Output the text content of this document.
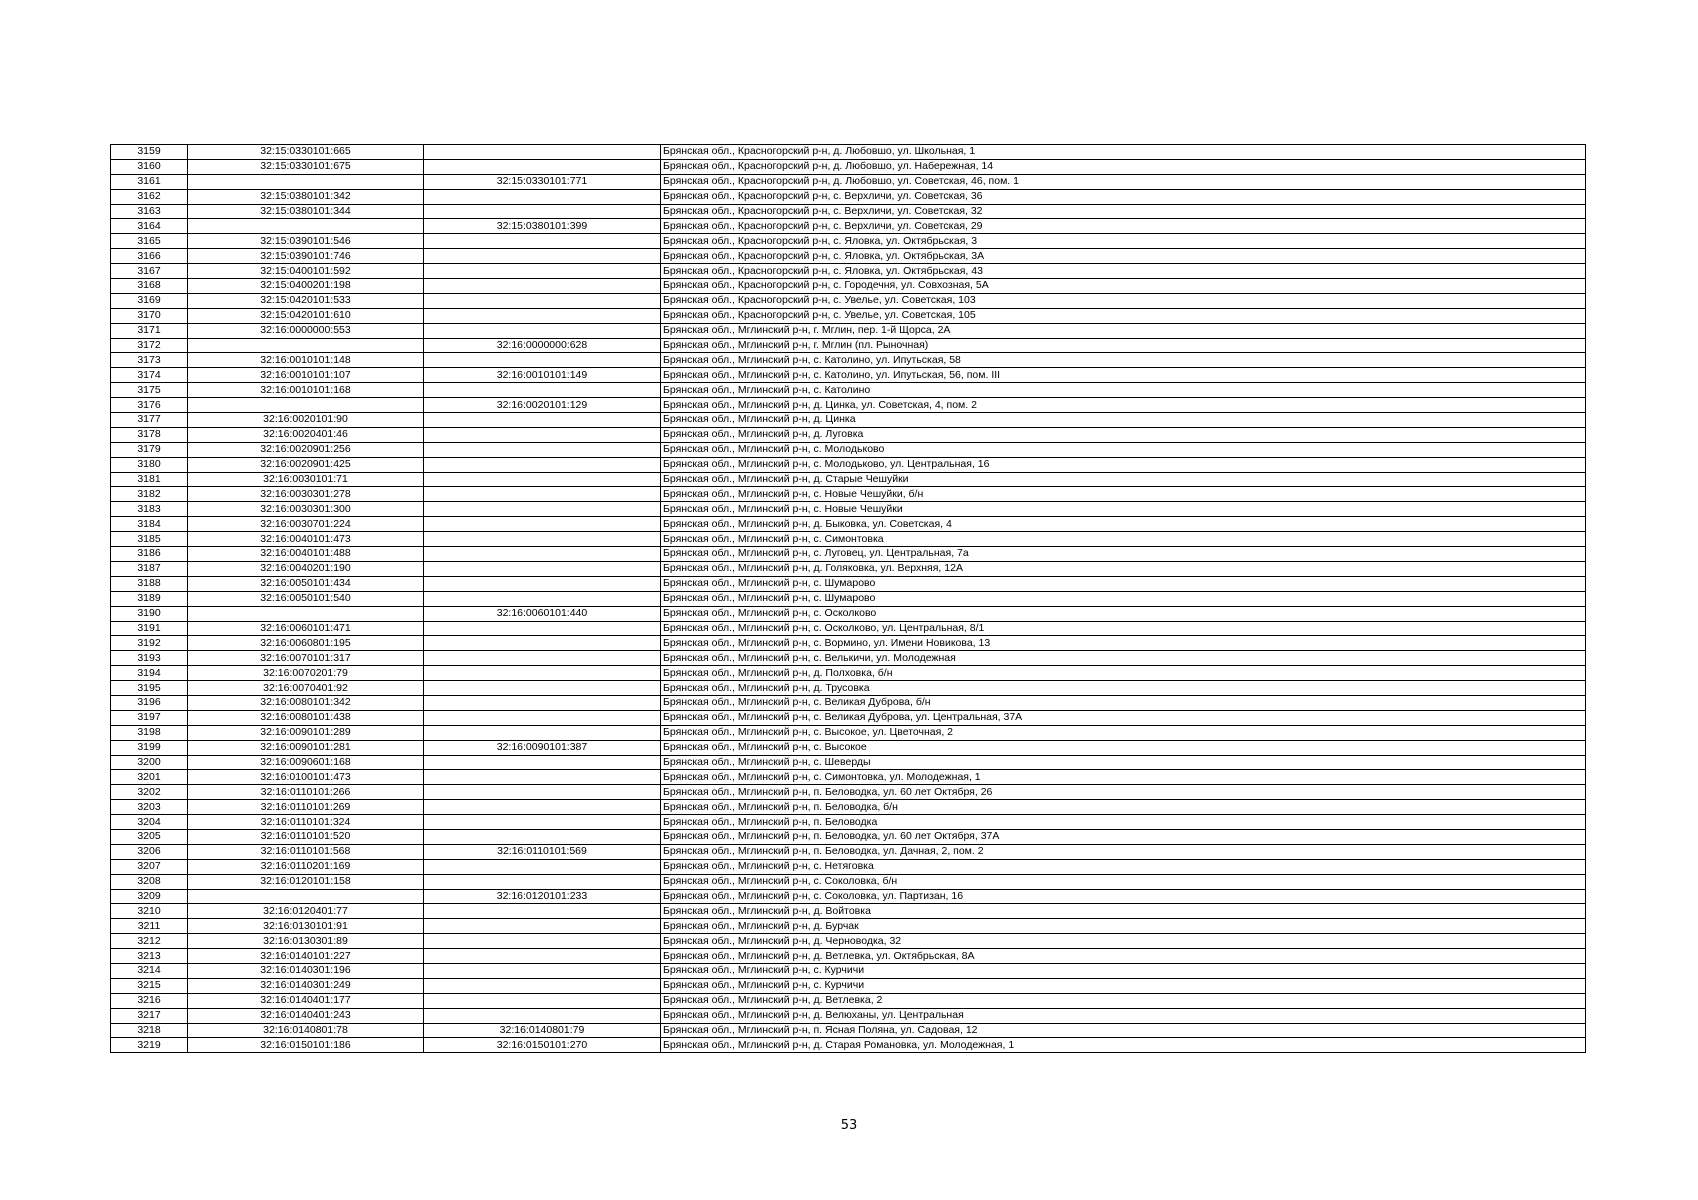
3159	32:15:0330101:665		Брянская обл., Красногорский р-н, д. Любовшо, ул. Школьная, 1
3160	32:15:0330101:675		Брянская обл., Красногорский р-н, д. Любовшо, ул. Набережная, 14
3161		32:15:0330101:771	Брянская обл., Красногорский р-н, д. Любовшо, ул. Советская, 46, пом. 1
3162	32:15:0380101:342		Брянская обл., Красногорский р-н, с. Верхличи, ул. Советская, 36
3163	32:15:0380101:344		Брянская обл., Красногорский р-н, с. Верхличи, ул. Советская, 32
3164		32:15:0380101:399	Брянская обл., Красногорский р-н, с. Верхличи, ул. Советская, 29
3165	32:15:0390101:546		Брянская обл., Красногорский р-н, с. Яловка, ул. Октябрьская, 3
3166	32:15:0390101:746		Брянская обл., Красногорский р-н, с. Яловка, ул. Октябрьская, 3А
3167	32:15:0400101:592		Брянская обл., Красногорский р-н, с. Яловка, ул. Октябрьская, 43
3168	32:15:0400201:198		Брянская обл., Красногорский р-н, с. Городечня, ул. Совхозная, 5А
3169	32:15:0420101:533		Брянская обл., Красногорский р-н, с. Увелье, ул. Советская, 103
3170	32:15:0420101:610		Брянская обл., Красногорский р-н, с. Увелье, ул. Советская, 105
3171	32:16:0000000:553		Брянская обл., Мглинский р-н, г. Мглин, пер. 1-й Щорса, 2А
3172		32:16:0000000:628	Брянская обл., Мглинский р-н, г. Мглин (пл. Рыночная)
3173	32:16:0010101:148		Брянская обл., Мглинский р-н, с. Католино, ул. Ипутьская, 58
3174	32:16:0010101:107	32:16:0010101:149	Брянская обл., Мглинский р-н, с. Католино, ул. Ипутьская, 56, пом. III
3175	32:16:0010101:168		Брянская обл., Мглинский р-н, с. Католино
3176		32:16:0020101:129	Брянская обл., Мглинский р-н, д. Цинка, ул. Советская, 4, пом. 2
3177	32:16:0020101:90		Брянская обл., Мглинский р-н, д. Цинка
3178	32:16:0020401:46		Брянская обл., Мглинский р-н, д. Луговка
3179	32:16:0020901:256		Брянская обл., Мглинский р-н, с. Молодьково
3180	32:16:0020901:425		Брянская обл., Мглинский р-н, с. Молодьково, ул. Центральная, 16
3181	32:16:0030101:71		Брянская обл., Мглинский р-н, д. Старые Чешуйки
3182	32:16:0030301:278		Брянская обл., Мглинский р-н, с. Новые Чешуйки, б/н
3183	32:16:0030301:300		Брянская обл., Мглинский р-н, с. Новые Чешуйки
3184	32:16:0030701:224		Брянская обл., Мглинский р-н, д. Быковка, ул. Советская, 4
3185	32:16:0040101:473		Брянская обл., Мглинский р-н, с. Симонтовка
3186	32:16:0040101:488		Брянская обл., Мглинский р-н, с. Луговец, ул. Центральная, 7а
3187	32:16:0040201:190		Брянская обл., Мглинский р-н, д. Голяковка, ул. Верхняя, 12А
3188	32:16:0050101:434		Брянская обл., Мглинский р-н, с. Шумарово
3189	32:16:0050101:540		Брянская обл., Мглинский р-н, с. Шумарово
3190		32:16:0060101:440	Брянская обл., Мглинский р-н, с. Осколково
3191	32:16:0060101:471		Брянская обл., Мглинский р-н, с. Осколково, ул. Центральная, 8/1
3192	32:16:0060801:195		Брянская обл., Мглинский р-н, с. Вормино, ул. Имени Новикова, 13
3193	32:16:0070101:317		Брянская обл., Мглинский р-н, с. Велькичи, ул. Молодежная
3194	32:16:0070201:79		Брянская обл., Мглинский р-н, д. Полховка, б/н
3195	32:16:0070401:92		Брянская обл., Мглинский р-н, д. Трусовка
3196	32:16:0080101:342		Брянская обл., Мглинский р-н, с. Великая Дуброва, б/н
3197	32:16:0080101:438		Брянская обл., Мглинский р-н, с. Великая Дуброва, ул. Центральная, 37А
3198	32:16:0090101:289		Брянская обл., Мглинский р-н, с. Высокое, ул. Цветочная, 2
3199	32:16:0090101:281	32:16:0090101:387	Брянская обл., Мглинский р-н, с. Высокое
3200	32:16:0090601:168		Брянская обл., Мглинский р-н, с. Шеверды
3201	32:16:0100101:473		Брянская обл., Мглинский р-н, с. Симонтовка, ул. Молодежная, 1
3202	32:16:0110101:266		Брянская обл., Мглинский р-н, п. Беловодка, ул. 60 лет Октября, 26
3203	32:16:0110101:269		Брянская обл., Мглинский р-н, п. Беловодка, б/н
3204	32:16:0110101:324		Брянская обл., Мглинский р-н, п. Беловодка
3205	32:16:0110101:520		Брянская обл., Мглинский р-н, п. Беловодка, ул. 60 лет Октября, 37А
3206	32:16:0110101:568	32:16:0110101:569	Брянская обл., Мглинский р-н, п. Беловодка, ул. Дачная, 2, пом. 2
3207	32:16:0110201:169		Брянская обл., Мглинский р-н, с. Нетяговка
3208	32:16:0120101:158		Брянская обл., Мглинский р-н, с. Соколовка, б/н
3209		32:16:0120101:233	Брянская обл., Мглинский р-н, с. Соколовка, ул. Партизан, 16
3210	32:16:0120401:77		Брянская обл., Мглинский р-н, д. Войтовка
3211	32:16:0130101:91		Брянская обл., Мглинский р-н, д. Бурчак
3212	32:16:0130301:89		Брянская обл., Мглинский р-н, д. Черноводка, 32
3213	32:16:0140101:227		Брянская обл., Мглинский р-н, д. Ветлевка, ул. Октябрьская, 8А
3214	32:16:0140301:196		Брянская обл., Мглинский р-н, с. Курчичи
3215	32:16:0140301:249		Брянская обл., Мглинский р-н, с. Курчичи
3216	32:16:0140401:177		Брянская обл., Мглинский р-н, д. Ветлевка, 2
3217	32:16:0140401:243		Брянская обл., Мглинский р-н, д. Велюханы, ул. Центральная
3218	32:16:0140801:78	32:16:0140801:79	Брянская обл., Мглинский р-н, п. Ясная Поляна, ул. Садовая, 12
3219	32:16:0150101:186	32:16:0150101:270	Брянская обл., Мглинский р-н, д. Старая Романовка, ул. Молодежная, 1
53
